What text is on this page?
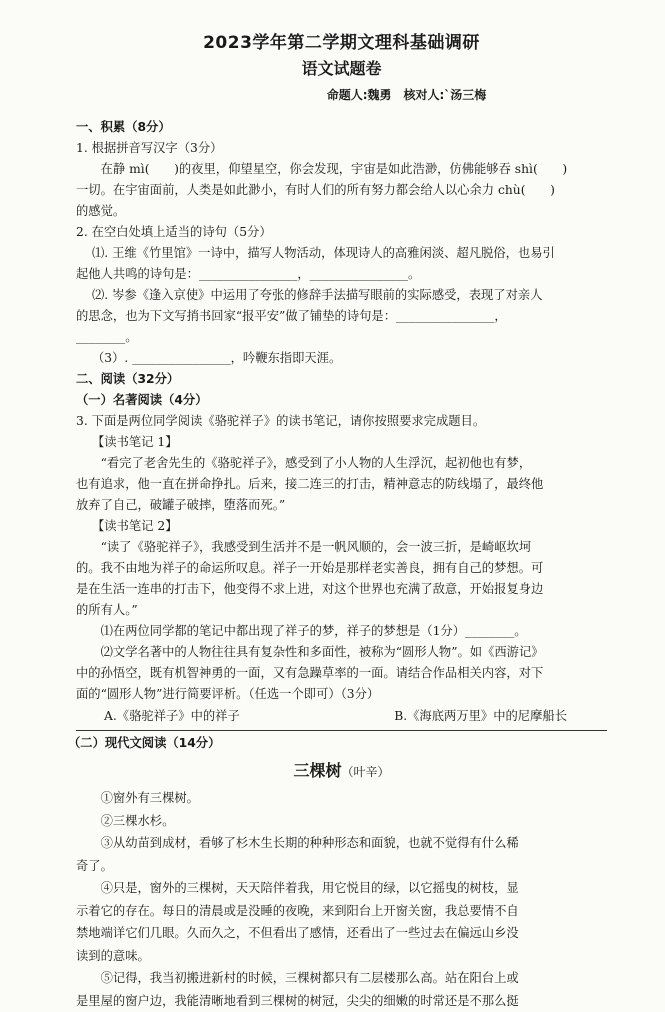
2023学年第二学期文理科基础调研
语文试题卷
命题人:魏勇　核对人:`汤三梅

一、积累（8分）

1. 根据拼音写汉字（3分）

在静 mì(　　)的夜里，仰望星空，你会发现，宇宙是如此浩渺，仿佛能够吞 shì(　　)

一切。在宇宙面前，人类是如此渺小，有时人们的所有努力都会给人以心余力 chù(　　)

的感觉。

2. 在空白处填上适当的诗句（5分）

⑴. 王维《竹里馆》一诗中，描写人物活动，体现诗人的高雅闲淡、超凡脱俗，也易引

起他人共鸣的诗句是：________________，________________。

⑵. 岑参《逢入京使》中运用了夸张的修辞手法描写眼前的实际感受，表现了对亲人

的思念，也为下文写捎书回家“报平安”做了铺垫的诗句是：________________，

________。

（3）. ________________，吟鞭东指即天涯。

二、阅读（32分）

（一）名著阅读（4分）

3. 下面是两位同学阅读《骆驼祥子》的读书笔记，请你按照要求完成题目。

【读书笔记 1】

“看完了老舍先生的《骆驼祥子》，感受到了小人物的人生浮沉，起初他也有梦，

也有追求，他一直在拼命挣扎。后来，接二连三的打击，精神意志的防线塌了，最终他

放弃了自己，破罐子破摔，堕落而死。”

【读书笔记 2】

“读了《骆驼祥子》，我感受到生活并不是一帆风顺的，会一波三折，是崎岖坎坷

的。我不由地为祥子的命运所叹息。祥子一开始是那样老实善良，拥有自己的梦想。可

是在生活一连串的打击下，他变得不求上进，对这个世界也充满了敌意，开始报复身边

的所有人。”

⑴在两位同学都的笔记中都出现了祥子的梦，祥子的梦想是（1分）________。

⑵文学名著中的人物往往具有复杂性和多面性，被称为“圆形人物”。如《西游记》

中的孙悟空，既有机智神勇的一面，又有急躁草率的一面。请结合作品相关内容，对下

面的“圆形人物”进行简要评析。（任选一个即可）（3分）

A.《骆驼祥子》中的祥子	B.《海底两万里》中的尼摩船长

（二）现代文阅读（14分）

三棵树（叶辛）

①窗外有三棵树。

②三棵水杉。

③从幼苗到成材，看够了杉木生长期的种种形态和面貌，也就不觉得有什么稀

奇了。

④只是，窗外的三棵树，天天陪伴着我，用它悦目的绿，以它摇曳的树枝，显

示着它的存在。每日的清晨或是没睡的夜晚，来到阳台上开窗关窗，我总要情不自

禁地端详它们几眼。久而久之，不但看出了感情，还看出了一些过去在偏远山乡没

读到的意味。

⑤记得，我当初搬进新村的时候，三棵树都只有二层楼那么高。站在阳台上或

是里屋的窗户边，我能清晰地看到三棵树的树冠，尖尖的细嫩的时常还是不那么挺
